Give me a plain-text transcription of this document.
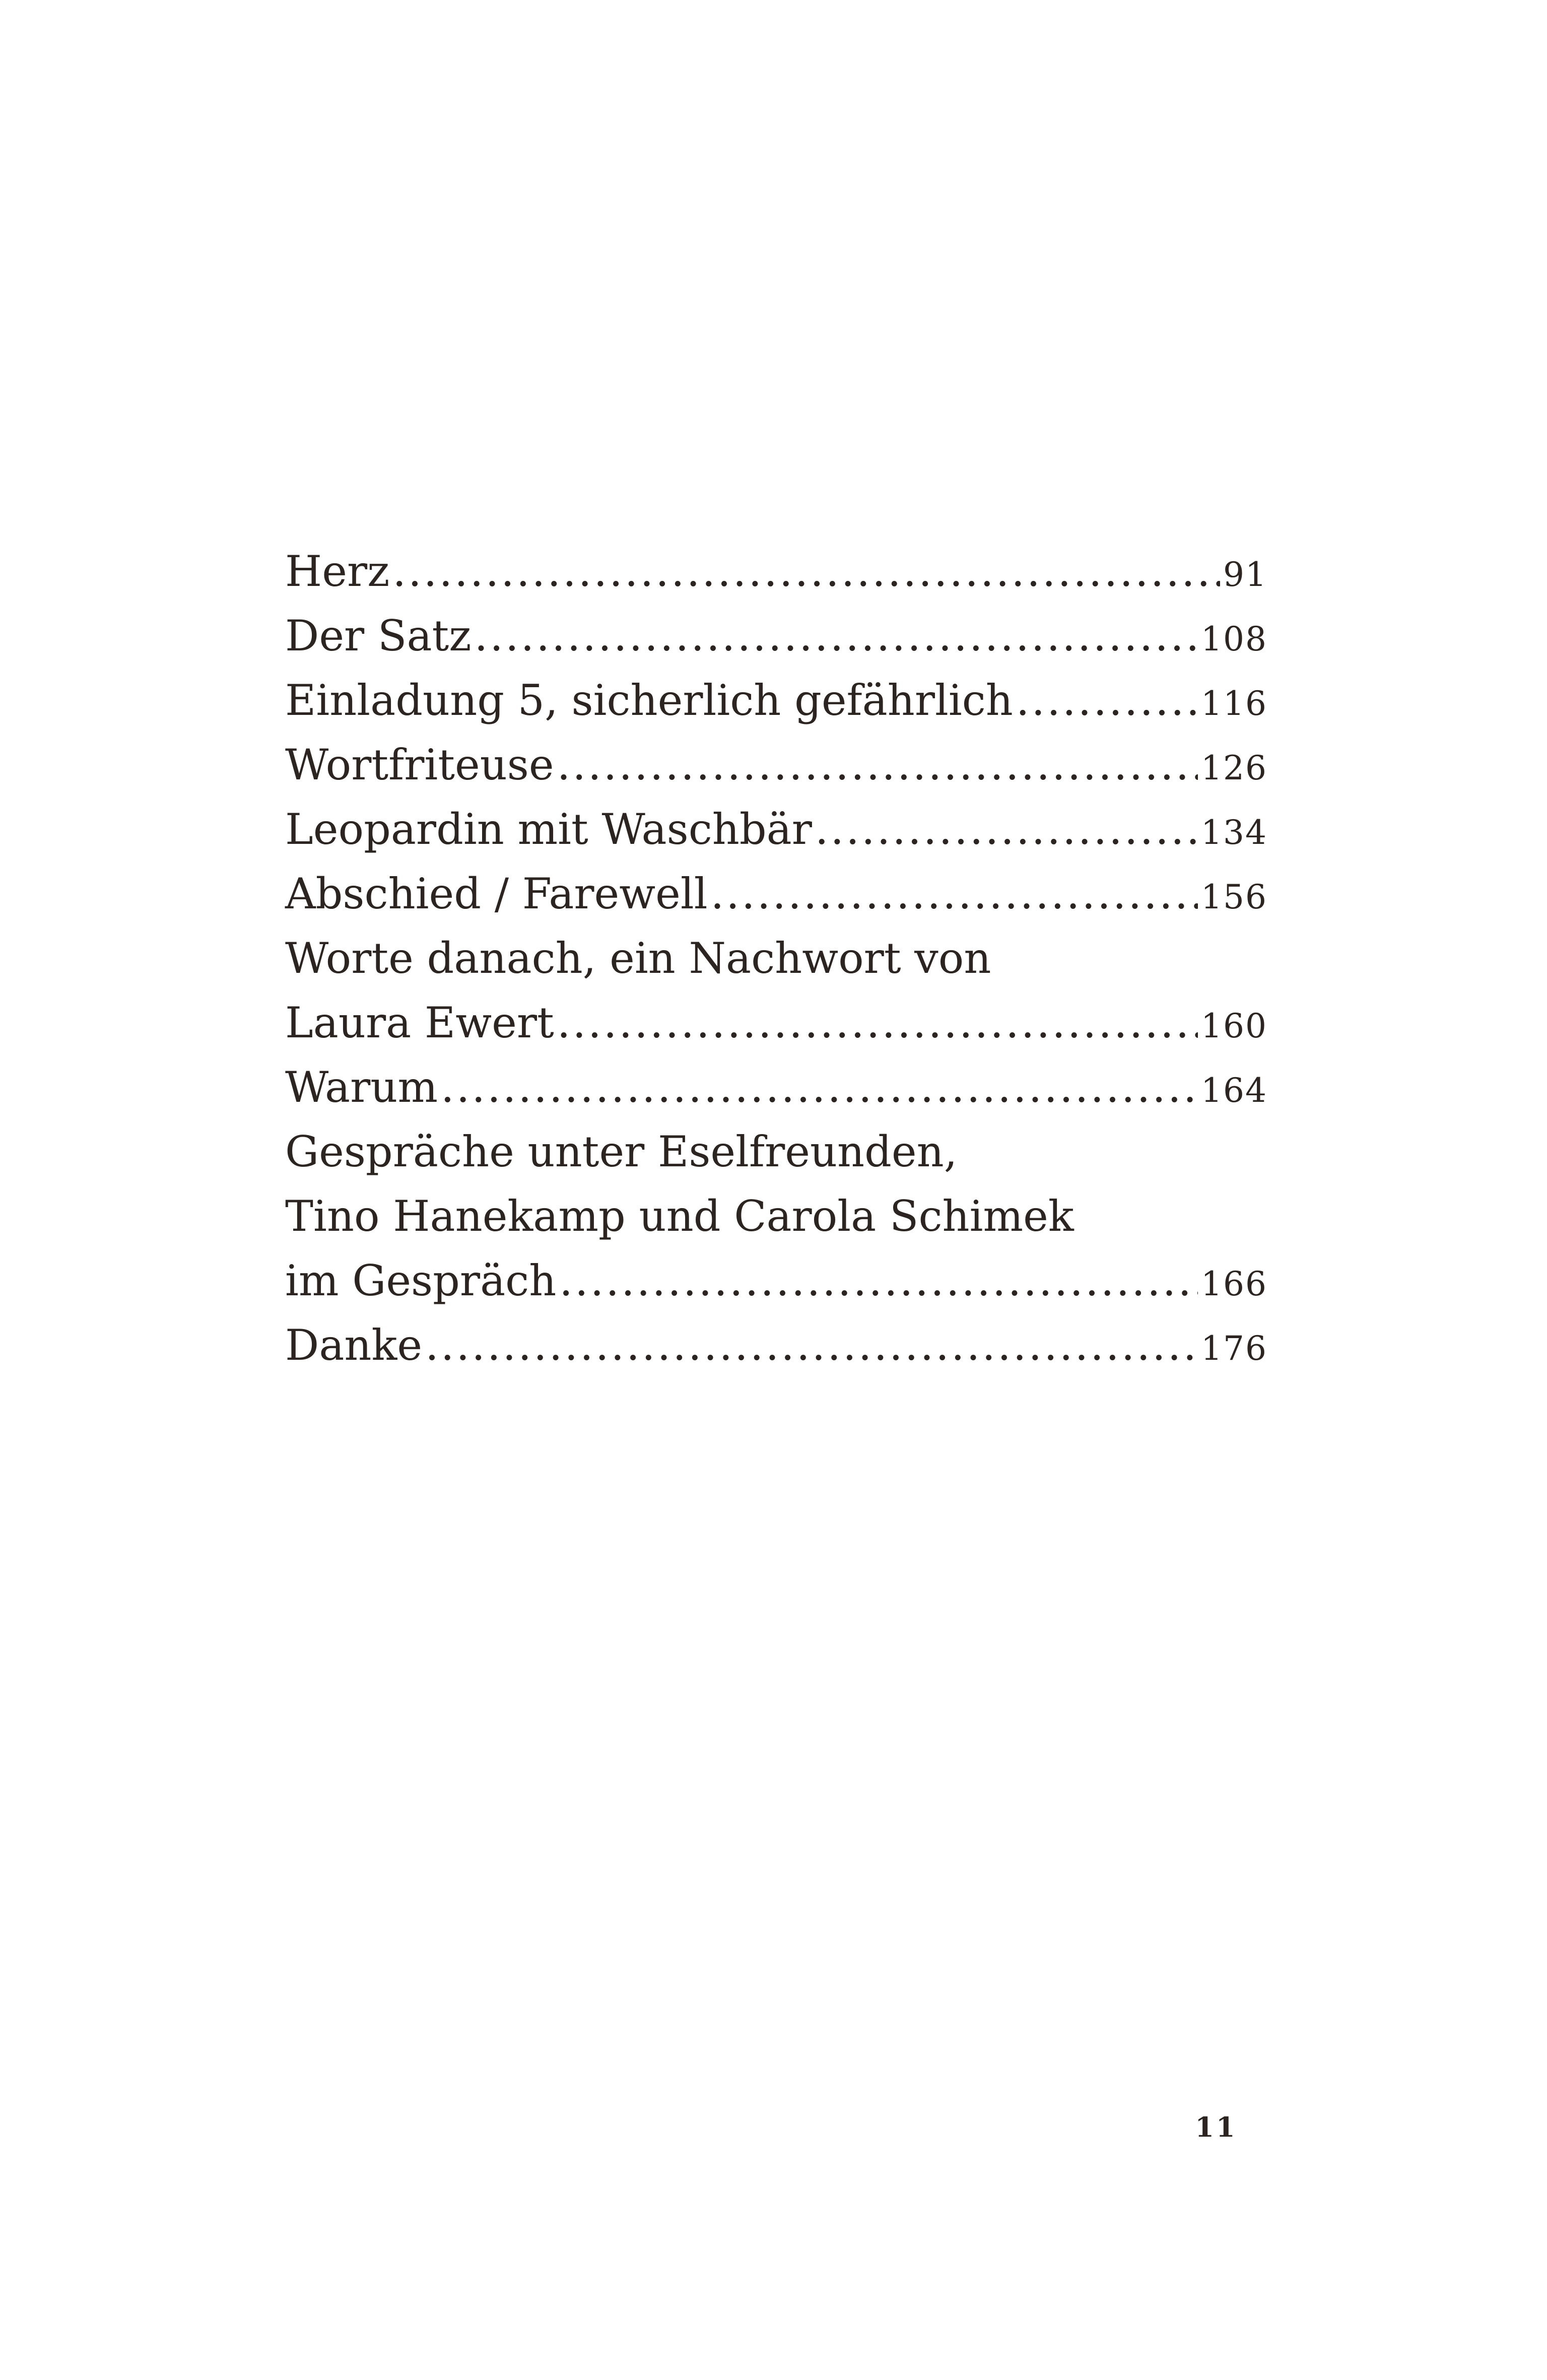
Herz .....	91
Der Satz .....	108
Einladung 5, sicherlich gefährlich .....	116
Wortfriteuse .....	126
Leopardin mit Waschbär .....	134
Abschied / Farewell .....	156
Worte danach, ein Nachwort von
Laura Ewert .....	160
Warum .....	164
Gespräche unter Eselfreunden,
Tino Hanekamp und Carola Schimek
im Gespräch .....	166
Danke .....	176
11
